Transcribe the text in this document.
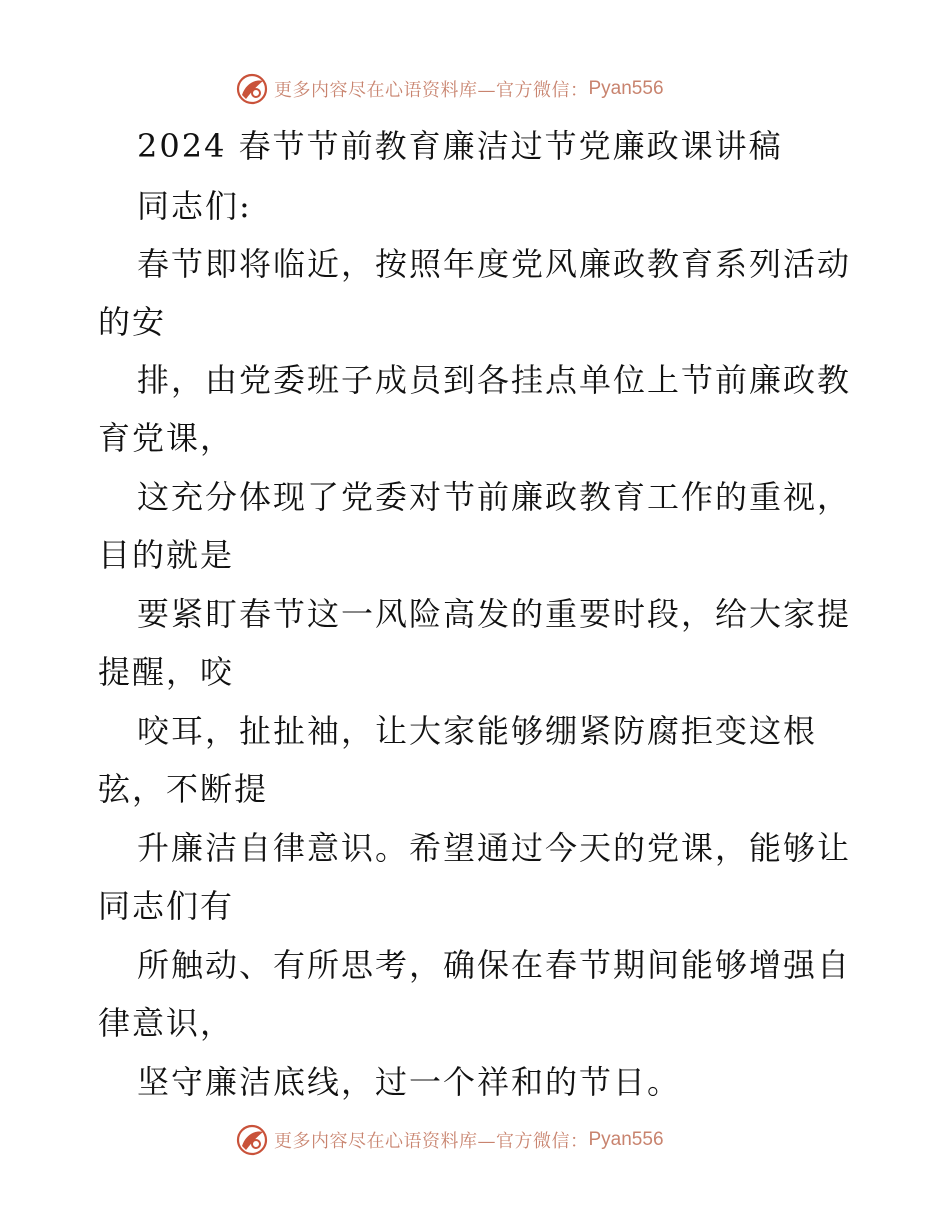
更多内容尽在心语资料库—官方微信： Pyan556
2024 春节节前教育廉洁过节党廉政课讲稿
同志们:
春节即将临近，按照年度党风廉政教育系列活动
的安
排，由党委班子成员到各挂点单位上节前廉政教
育党课，
这充分体现了党委对节前廉政教育工作的重视，
目的就是
要紧盯春节这一风险高发的重要时段，给大家提
提醒，咬
咬耳，扯扯袖，让大家能够绷紧防腐拒变这根
弦，不断提
升廉洁自律意识。希望通过今天的党课，能够让
同志们有
所触动、有所思考，确保在春节期间能够增强自
律意识，
坚守廉洁底线，过一个祥和的节日。
更多内容尽在心语资料库—官方微信： Pyan556
